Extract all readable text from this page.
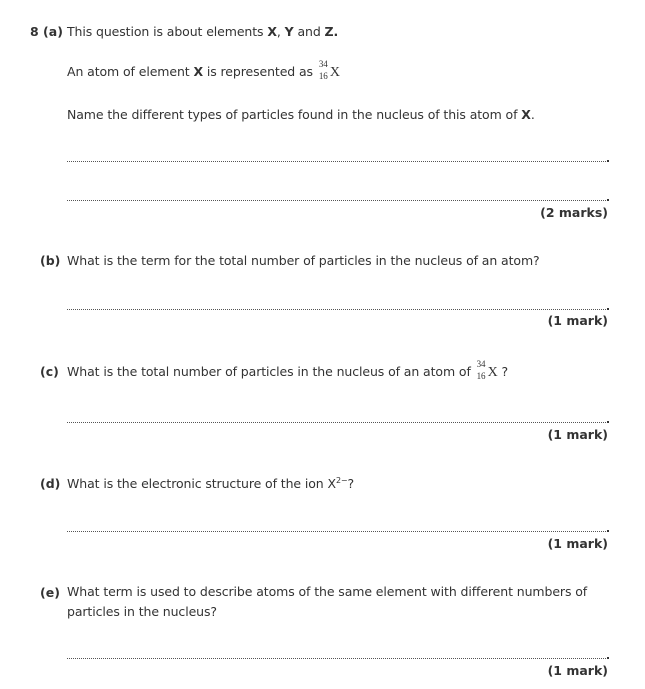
8 (a) This question is about elements X, Y and Z.
An atom of element X is represented as
34
16 X
Name the different types of particles found in the nucleus of this atom of X.
(2 marks)
(b) What is the term for the total number of particles in the nucleus of an atom?
(1 mark)
(c) What is the total number of particles in the nucleus of an atom of
34
16 X ?
(1 mark)
(d) What is the electronic structure of the ion $X^{2-}$?
(1 mark)
(e) What term is used to describe atoms of the same element with different numbers of particles in the nucleus?
(1 mark)
